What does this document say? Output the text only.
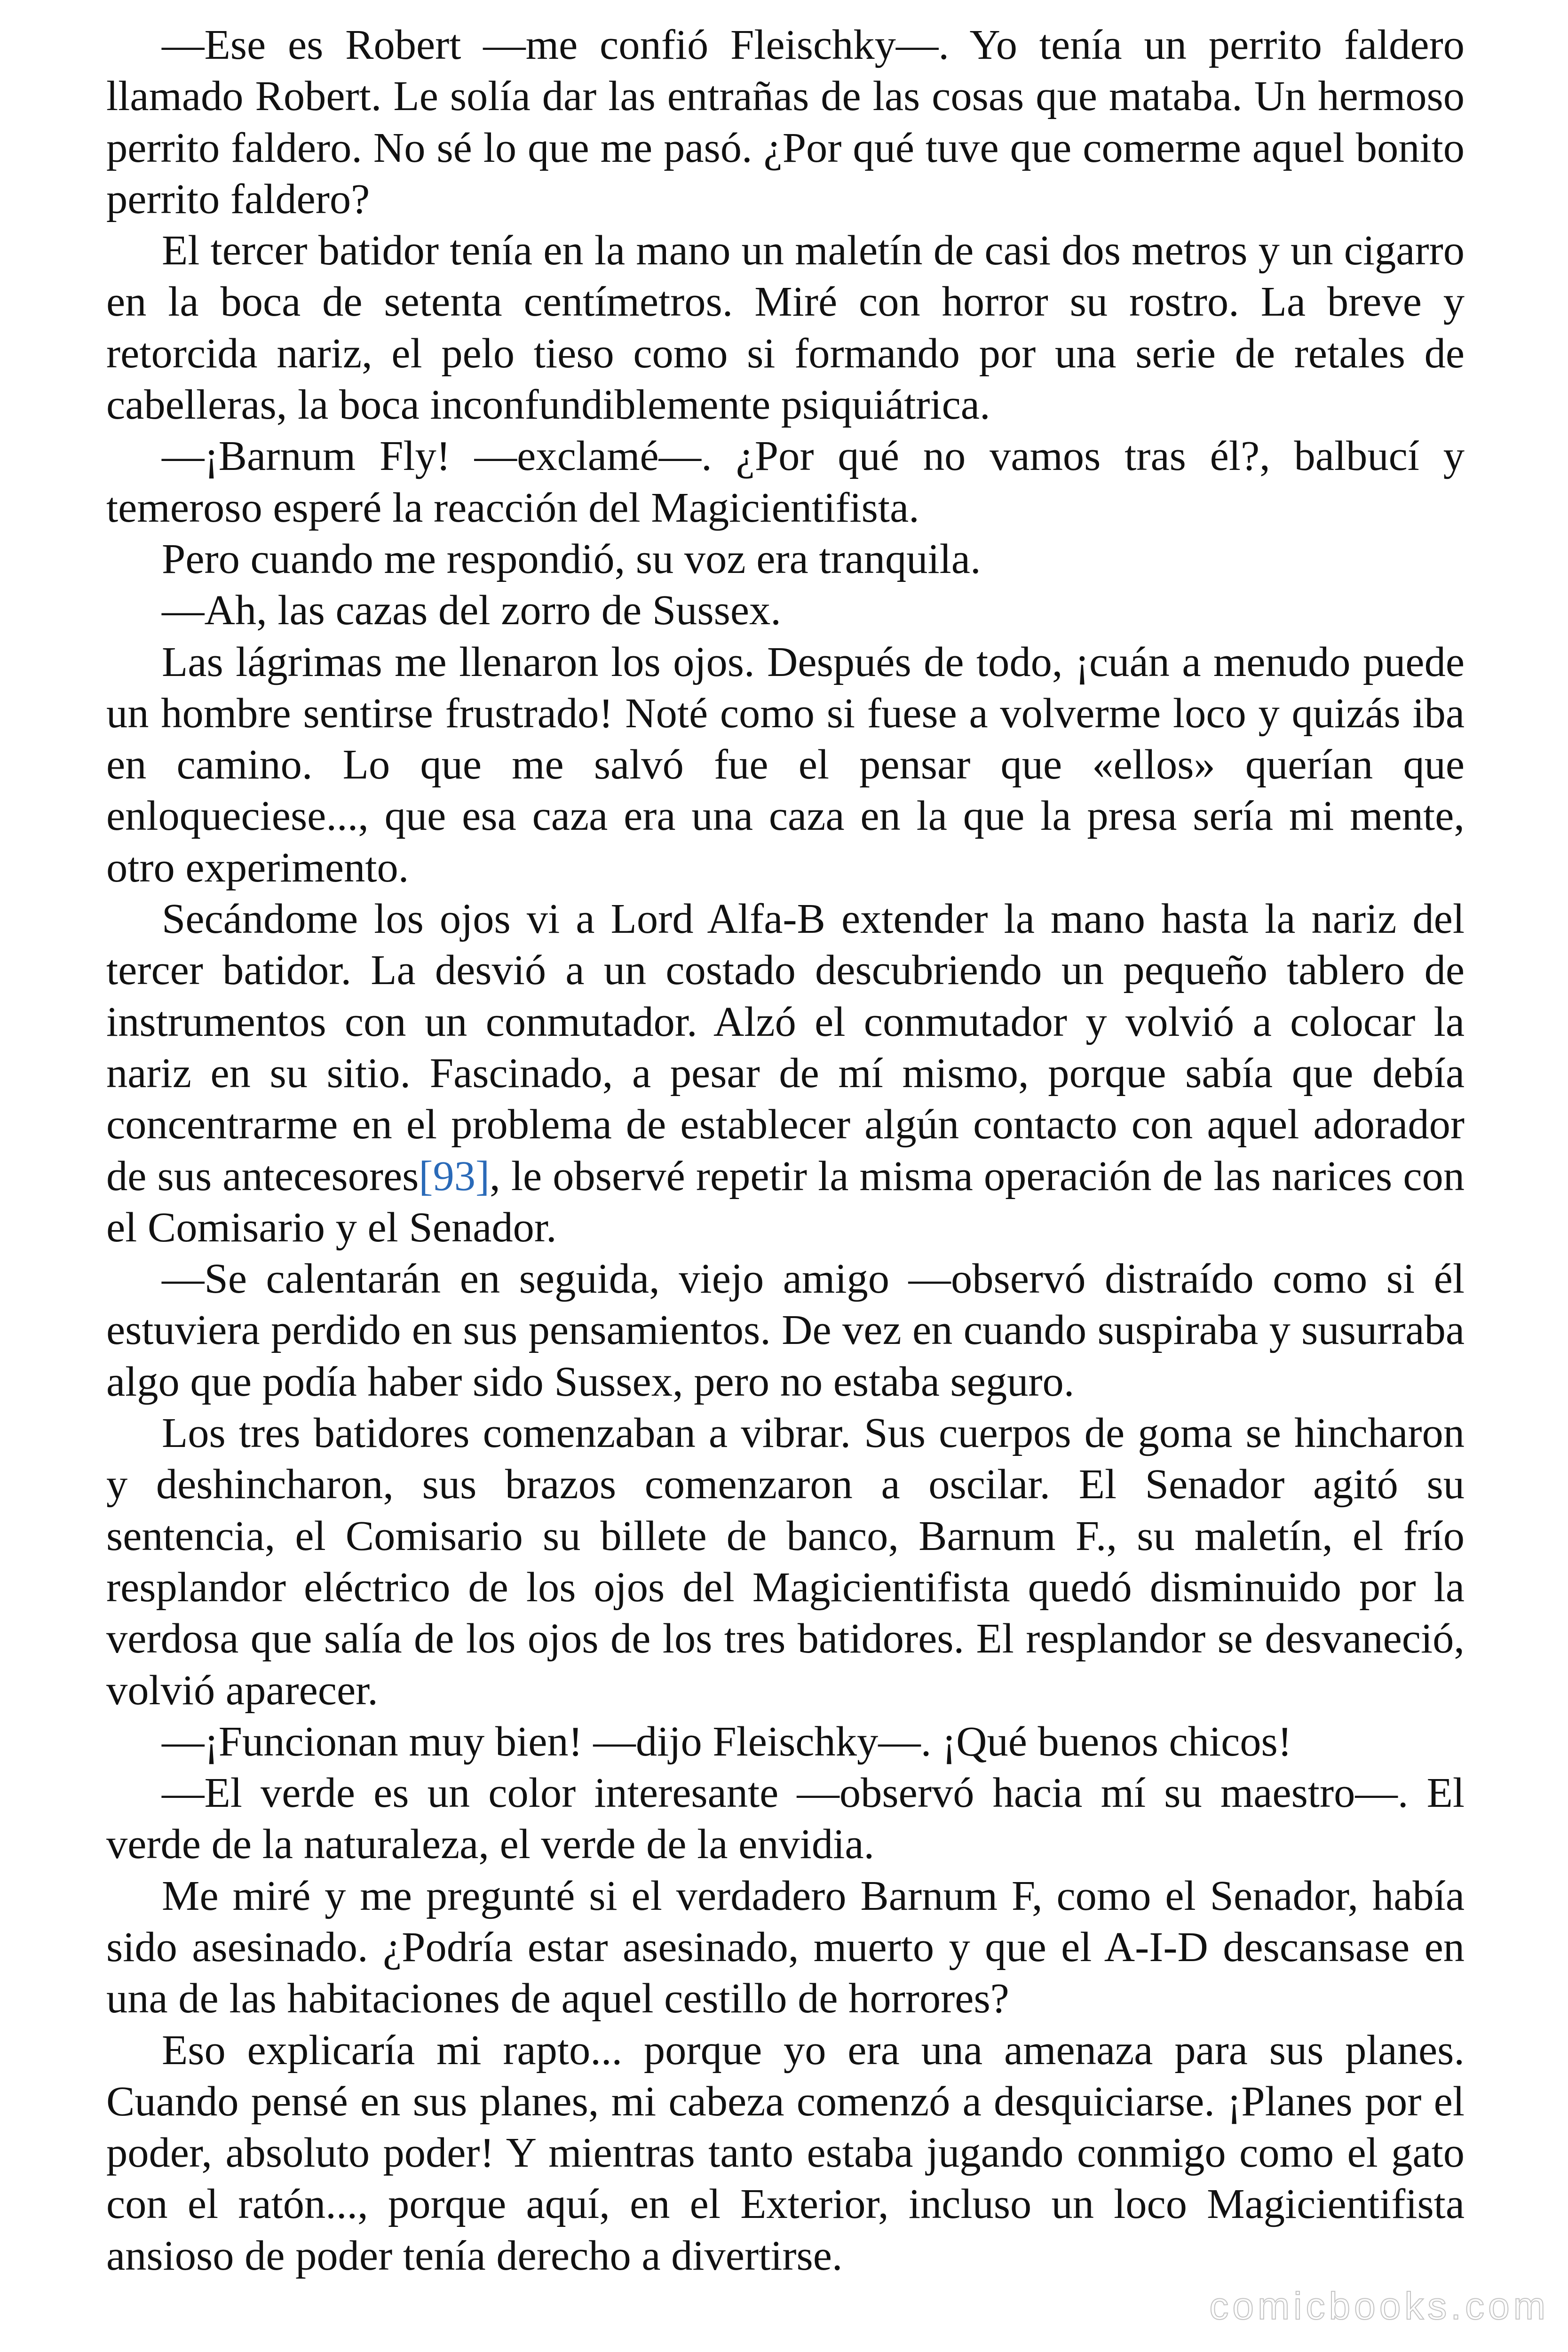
—Ese es Robert —me confió Fleischky—. Yo tenía un perrito faldero llamado Robert. Le solía dar las entrañas de las cosas que mataba. Un hermoso perrito faldero. No sé lo que me pasó. ¿Por qué tuve que comerme aquel bonito perrito faldero?

El tercer batidor tenía en la mano un maletín de casi dos metros y un cigarro en la boca de setenta centímetros. Miré con horror su rostro. La breve y retorcida nariz, el pelo tieso como si formando por una serie de retales de cabelleras, la boca inconfundiblemente psiquiátrica.

—¡Barnum Fly! —exclamé—. ¿Por qué no vamos tras él?, balbucí y temeroso esperé la reacción del Magicientifista.

Pero cuando me respondió, su voz era tranquila.

—Ah, las cazas del zorro de Sussex.

Las lágrimas me llenaron los ojos. Después de todo, ¡cuán a menudo puede un hombre sentirse frustrado! Noté como si fuese a volverme loco y quizás iba en camino. Lo que me salvó fue el pensar que «ellos» querían que enloqueciese..., que esa caza era una caza en la que la presa sería mi mente, otro experimento.

Secándome los ojos vi a Lord Alfa-B extender la mano hasta la nariz del tercer batidor. La desvió a un costado descubriendo un pequeño tablero de instrumentos con un conmutador. Alzó el conmutador y volvió a colocar la nariz en su sitio. Fascinado, a pesar de mí mismo, porque sabía que debía concentrarme en el problema de establecer algún contacto con aquel adorador de sus antecesores[93], le observé repetir la misma operación de las narices con el Comisario y el Senador.

—Se calentarán en seguida, viejo amigo —observó distraído como si él estuviera perdido en sus pensamientos. De vez en cuando suspiraba y susurraba algo que podía haber sido Sussex, pero no estaba seguro.

Los tres batidores comenzaban a vibrar. Sus cuerpos de goma se hincharon y deshincharon, sus brazos comenzaron a oscilar. El Senador agitó su sentencia, el Comisario su billete de banco, Barnum F., su maletín, el frío resplandor eléctrico de los ojos del Magicientifista quedó disminuido por la verdosa que salía de los ojos de los tres batidores. El resplandor se desvaneció, volvió aparecer.

—¡Funcionan muy bien! —dijo Fleischky—. ¡Qué buenos chicos!

—El verde es un color interesante —observó hacia mí su maestro—. El verde de la naturaleza, el verde de la envidia.

Me miré y me pregunté si el verdadero Barnum F, como el Senador, había sido asesinado. ¿Podría estar asesinado, muerto y que el A-I-D descansase en una de las habitaciones de aquel cestillo de horrores?

Eso explicaría mi rapto... porque yo era una amenaza para sus planes. Cuando pensé en sus planes, mi cabeza comenzó a desquiciarse. ¡Planes por el poder, absoluto poder! Y mientras tanto estaba jugando conmigo como el gato con el ratón..., porque aquí, en el Exterior, incluso un loco Magicientifista ansioso de poder tenía derecho a divertirse.

comicbooks.com
